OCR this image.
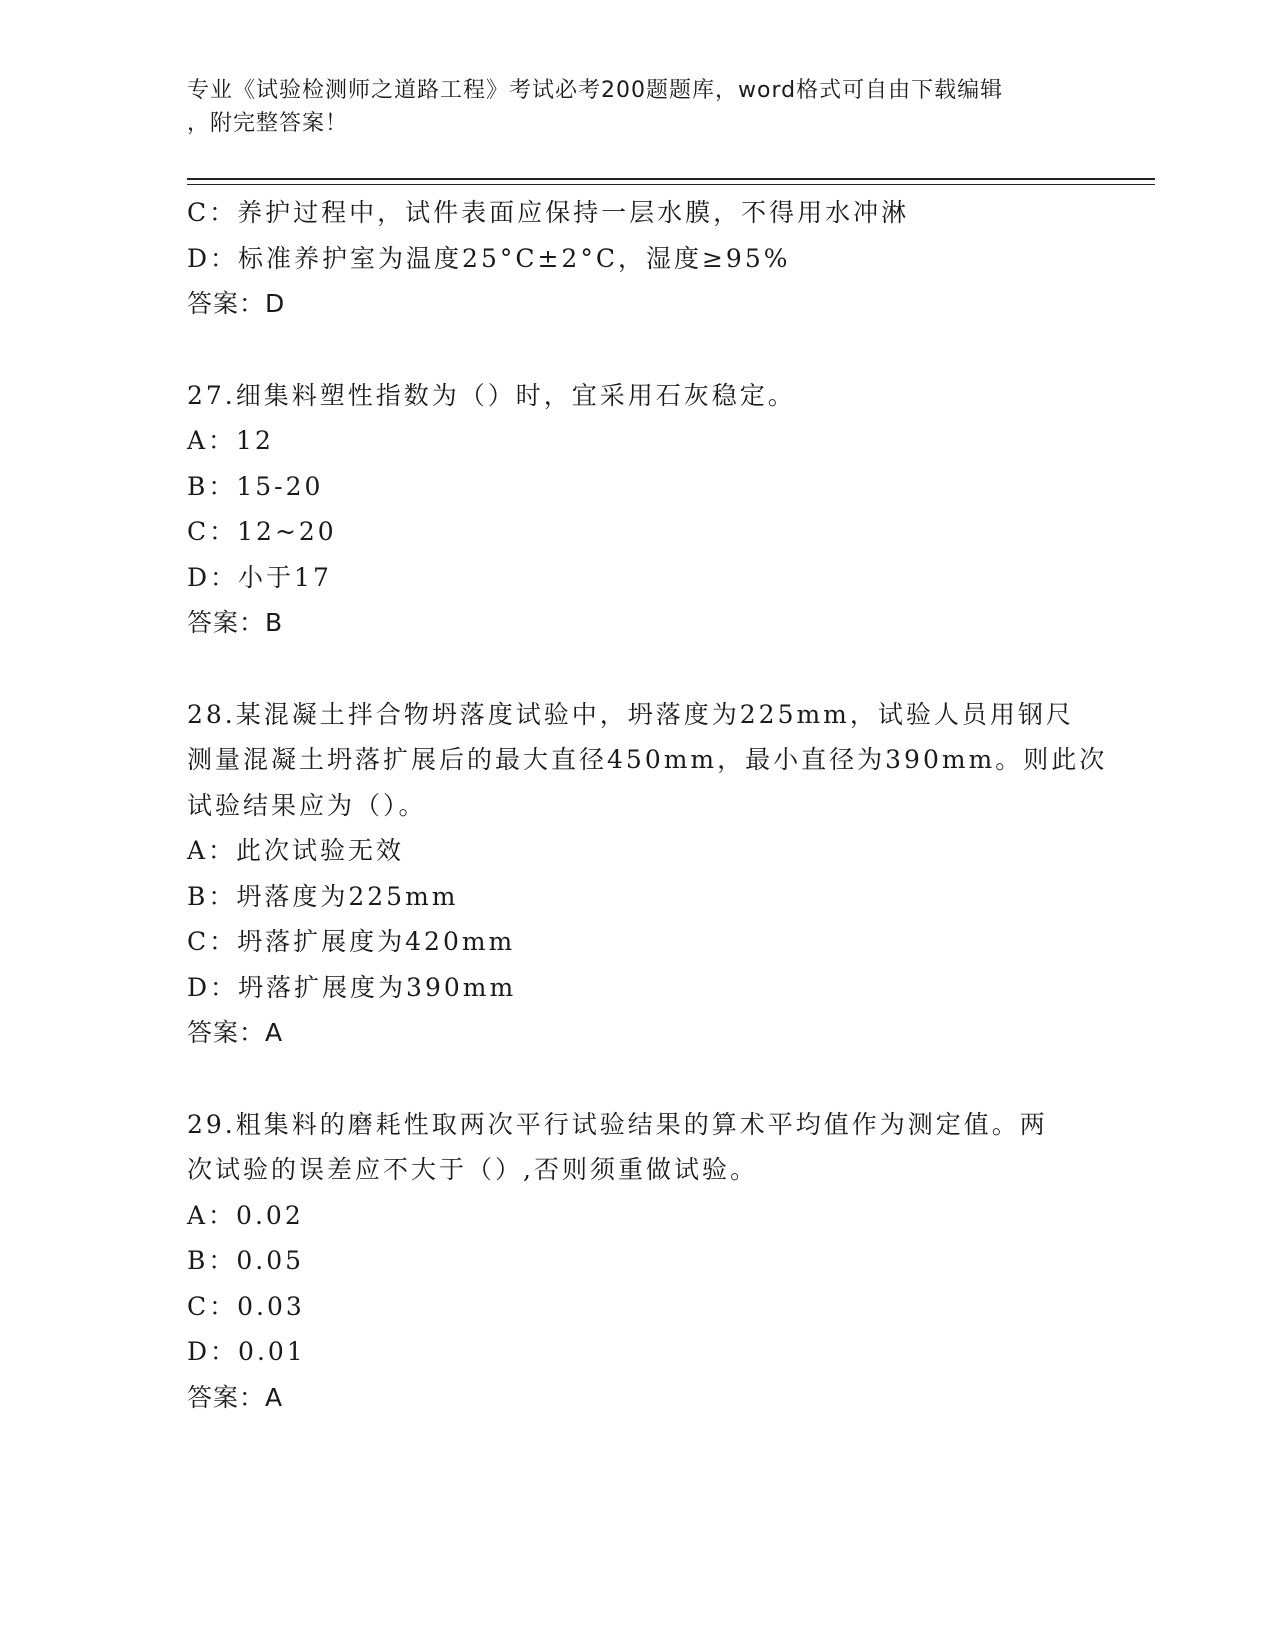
专业《试验检测师之道路工程》考试必考200题题库，word格式可自由下载编辑
，附完整答案！
C：养护过程中，试件表面应保持一层水膜，不得用水冲淋
D：标准养护室为温度25°C±2°C，湿度≥95%
答案：D
27.细集料塑性指数为（）时，宜采用石灰稳定。
A：12
B：15-20
C：12~20
D：小于17
答案：B
28.某混凝土拌合物坍落度试验中，坍落度为225mm，试验人员用钢尺
测量混凝土坍落扩展后的最大直径450mm，最小直径为390mm。则此次
试验结果应为（）。
A：此次试验无效
B：坍落度为225mm
C：坍落扩展度为420mm
D：坍落扩展度为390mm
答案：A
29.粗集料的磨耗性取两次平行试验结果的算术平均值作为测定值。两
次试验的误差应不大于（）,否则须重做试验。
A：0.02
B：0.05
C：0.03
D：0.01
答案：A
